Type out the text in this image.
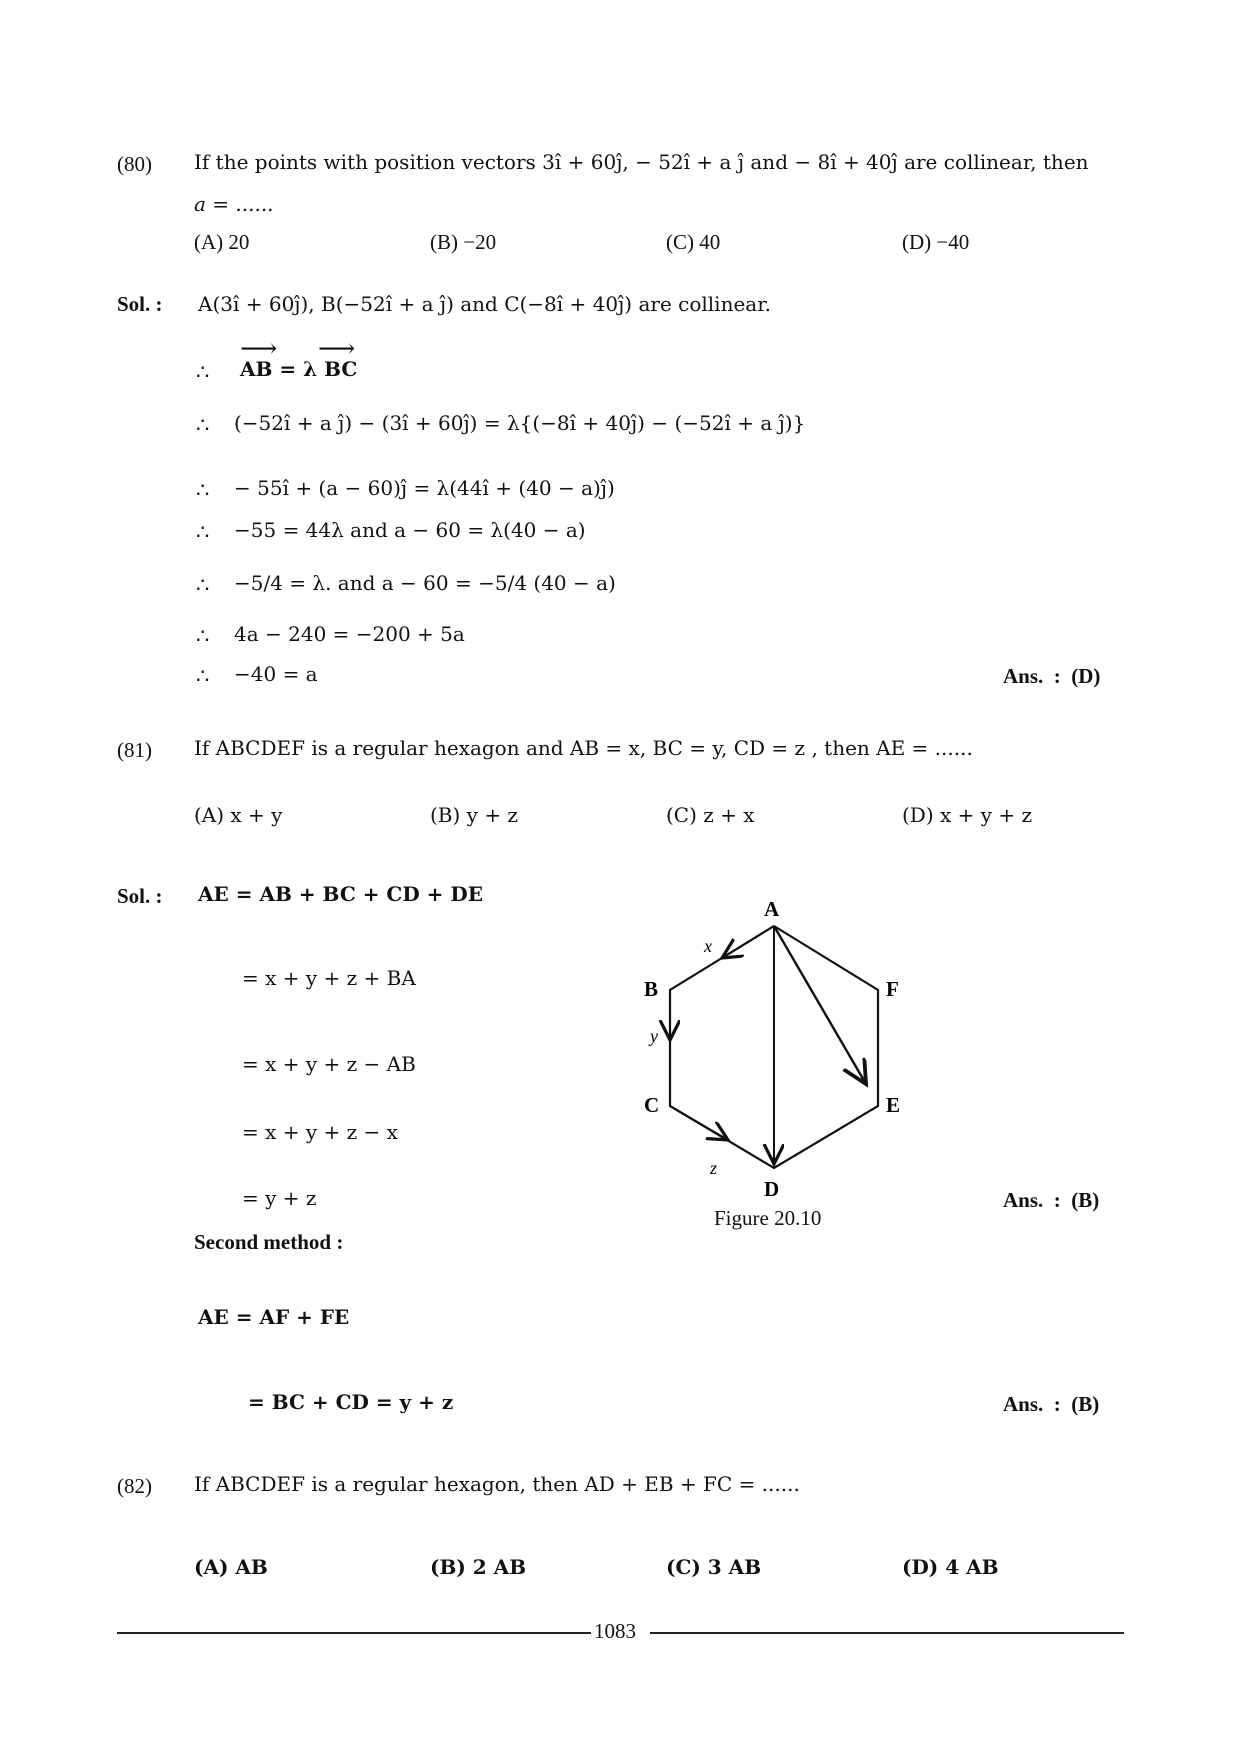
(80) If the points with position vectors 3î + 60ĵ, − 52î + a ĵ and − 8î + 40ĵ are collinear, then
a = ......
(A) 20	(B) −20	(C) 40	(D) −40
Sol. : A(3î + 60ĵ), B(−52î + a ĵ) and C(−8î + 40ĵ) are collinear.
∴ AB = λ BC
⟶ ⟶
∴ (−52î + a ĵ) − (3î + 60ĵ) = λ{(−8î + 40ĵ) − (−52î + a ĵ)}
∴ − 55î + (a − 60)ĵ = λ(44î + (40 − a)ĵ)
∴ −55 = 44λ and a − 60 = λ(40 − a)
∴ −5/4 = λ. and a − 60 = −5/4 (40 − a)
∴ 4a − 240 = −200 + 5a
∴ −40 = a	Ans.  :  (D)
(81) If ABCDEF is a regular hexagon and AB = x, BC = y, CD = z , then AE = ......
(A) x + y	(B) y + z	(C) z + x	(D) x + y + z
Sol. : AE = AB + BC + CD + DE
= x + y + z + BA
= x + y + z − AB
= x + y + z − x
= y + z
A
B
C
D
E
F
x
y
z
Figure 20.10
Ans.  :  (B)
Second method :
AE = AF + FE
= BC + CD = y + z	Ans.  :  (B)
(82) If ABCDEF is a regular hexagon, then AD + EB + FC = ......
(A) AB	(B) 2 AB	(C) 3 AB	(D) 4 AB
1083
